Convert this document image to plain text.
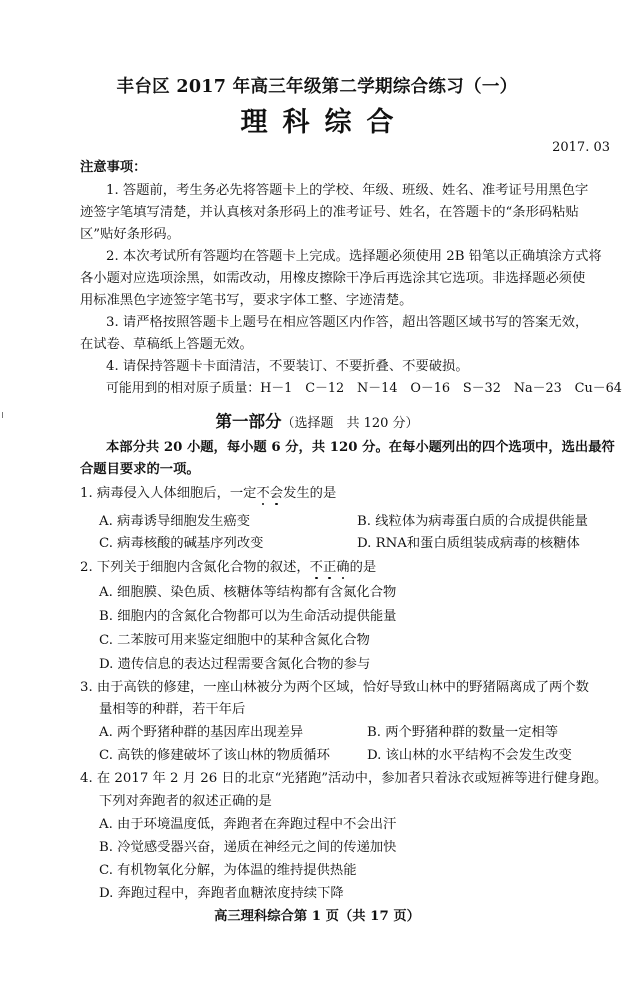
丰台区 2017 年高三年级第二学期综合练习（一）
理科综合
2017. 03
注意事项：
1. 答题前，考生务必先将答题卡上的学校、年级、班级、姓名、准考证号用黑色字
迹签字笔填写清楚，并认真核对条形码上的准考证号、姓名，在答题卡的“条形码粘贴
区”贴好条形码。
2. 本次考试所有答题均在答题卡上完成。选择题必须使用 2B 铅笔以正确填涂方式将
各小题对应选项涂黑，如需改动，用橡皮擦除干净后再选涂其它选项。非选择题必须使
用标准黑色字迹签字笔书写，要求字体工整、字迹清楚。
3. 请严格按照答题卡上题号在相应答题区内作答，超出答题区域书写的答案无效，
在试卷、草稿纸上答题无效。
4. 请保持答题卡卡面清洁，不要装订、不要折叠、不要破损。
可能用到的相对原子质量：H－1　C－12　N－14　O－16　S－32　Na－23　Cu－64
第一部分（选择题　共 120 分）
本部分共 20 小题，每小题 6 分，共 120 分。在每小题列出的四个选项中，选出最符
合题目要求的一项。
1. 病毒侵入人体细胞后，一定不会发生的是
A. 病毒诱导细胞发生癌变	B. 线粒体为病毒蛋白质的合成提供能量
C. 病毒核酸的碱基序列改变	D. RNA和蛋白质组装成病毒的核糖体
2. 下列关于细胞内含氮化合物的叙述，不正确的是
A. 细胞膜、染色质、核糖体等结构都有含氮化合物
B. 细胞内的含氮化合物都可以为生命活动提供能量
C. 二苯胺可用来鉴定细胞中的某种含氮化合物
D. 遗传信息的表达过程需要含氮化合物的参与
3. 由于高铁的修建，一座山林被分为两个区域，恰好导致山林中的野猪隔离成了两个数
量相等的种群，若干年后
A. 两个野猪种群的基因库出现差异	B. 两个野猪种群的数量一定相等
C. 高铁的修建破坏了该山林的物质循环	D. 该山林的水平结构不会发生改变
4. 在 2017 年 2 月 26 日的北京“光猪跑”活动中，参加者只着泳衣或短裤等进行健身跑。
下列对奔跑者的叙述正确的是
A. 由于环境温度低，奔跑者在奔跑过程中不会出汗
B. 冷觉感受器兴奋，递质在神经元之间的传递加快
C. 有机物氧化分解，为体温的维持提供热能
D. 奔跑过程中，奔跑者血糖浓度持续下降
高三理科综合第 1 页（共 17 页）
